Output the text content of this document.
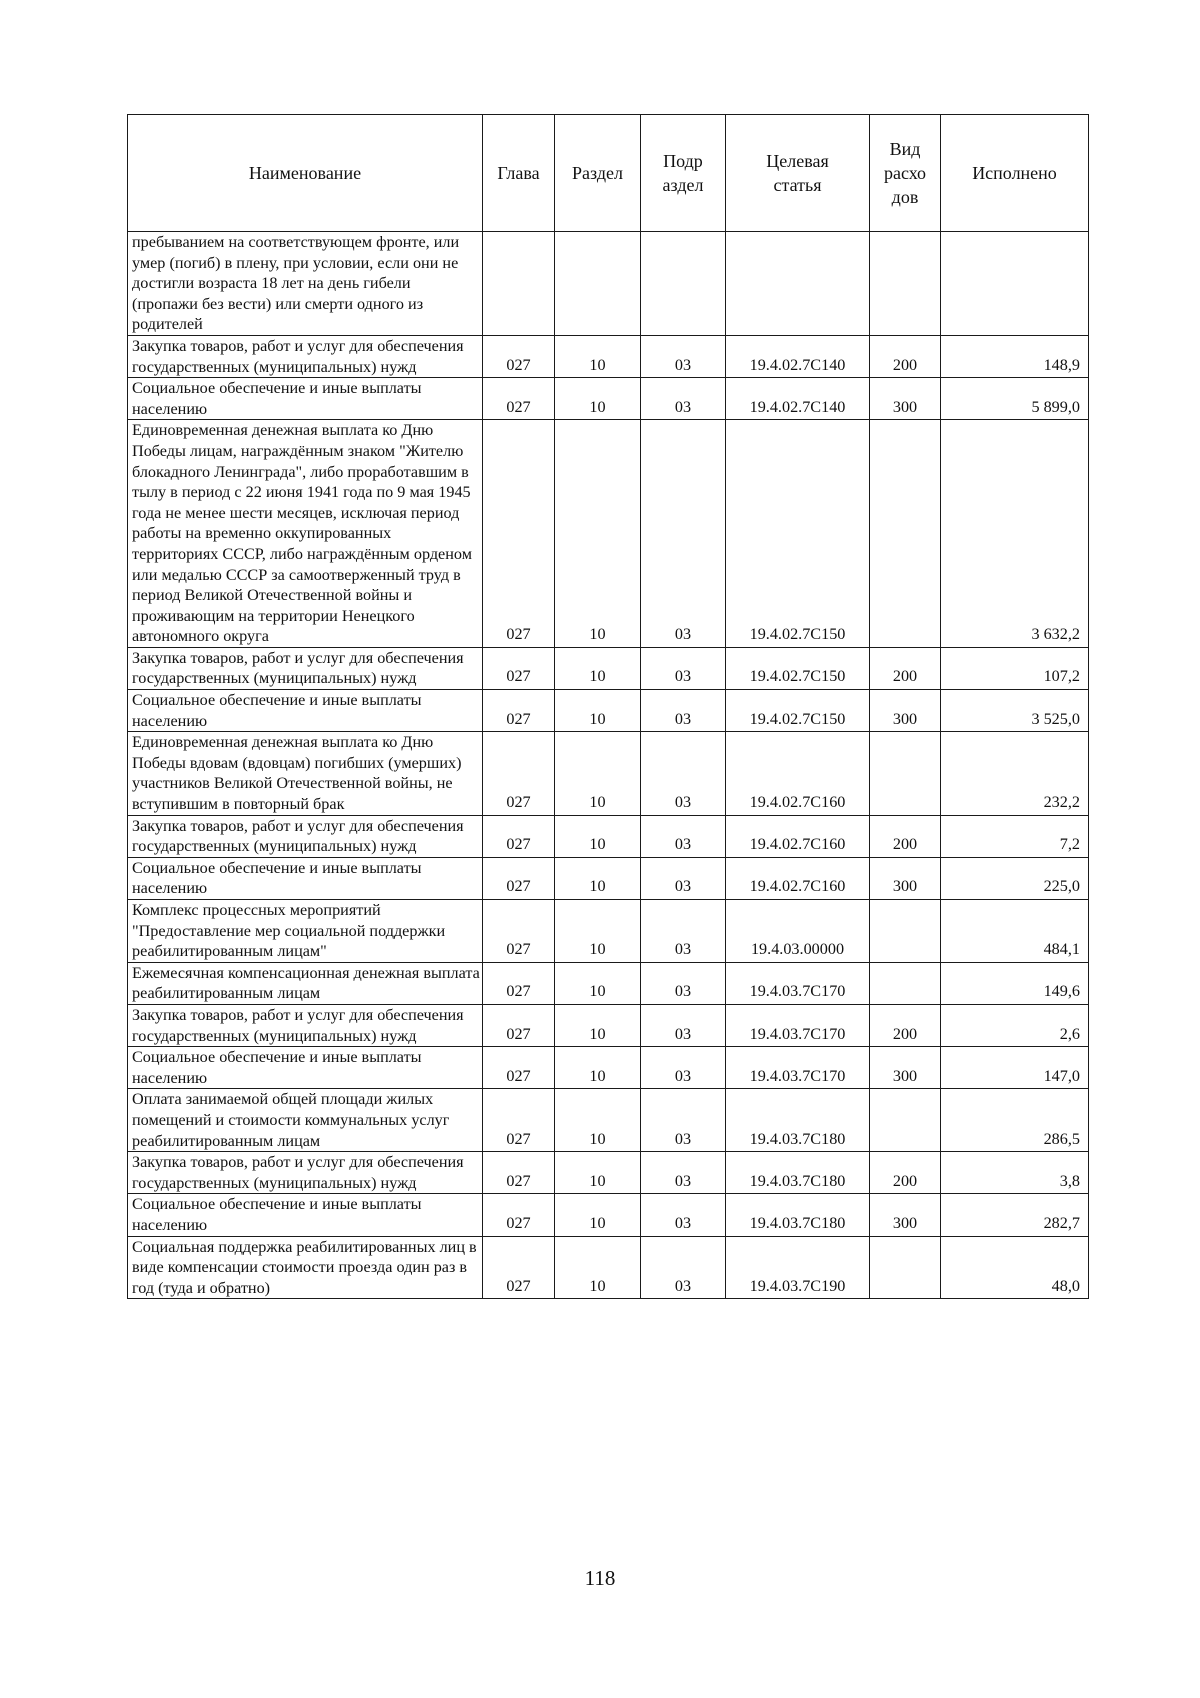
Наименование	Глава	Раздел	Подр аздел	Целевая статья	Вид расхо дов	Исполнено
пребыванием на соответствующем фронте, или умер (погиб) в плену, при условии, если они не достигли возраста 18 лет на день гибели (пропажи без вести) или смерти одного из родителей						
Закупка товаров, работ и услуг для обеспечения государственных (муниципальных) нужд	027	10	03	19.4.02.7С140	200	148,9
Социальное обеспечение и иные выплаты населению	027	10	03	19.4.02.7С140	300	5 899,0
Единовременная денежная выплата ко Дню Победы лицам, награждённым знаком "Жителю блокадного Ленинграда", либо проработавшим в тылу в период с 22 июня 1941 года по 9 мая 1945 года не менее шести месяцев, исключая период работы на временно оккупированных территориях СССР, либо награждённым орденом или медалью СССР за самоотверженный труд в период Великой Отечественной войны и проживающим на территории Ненецкого автономного округа	027	10	03	19.4.02.7С150		3 632,2
Закупка товаров, работ и услуг для обеспечения государственных (муниципальных) нужд	027	10	03	19.4.02.7С150	200	107,2
Социальное обеспечение и иные выплаты населению	027	10	03	19.4.02.7С150	300	3 525,0
Единовременная денежная выплата ко Дню Победы вдовам (вдовцам) погибших (умерших) участников Великой Отечественной войны, не вступившим в повторный брак	027	10	03	19.4.02.7С160		232,2
Закупка товаров, работ и услуг для обеспечения государственных (муниципальных) нужд	027	10	03	19.4.02.7С160	200	7,2
Социальное обеспечение и иные выплаты населению	027	10	03	19.4.02.7С160	300	225,0
Комплекс процессных мероприятий "Предоставление мер социальной поддержки реабилитированным лицам"	027	10	03	19.4.03.00000		484,1
Ежемесячная компенсационная денежная выплата реабилитированным лицам	027	10	03	19.4.03.7С170		149,6
Закупка товаров, работ и услуг для обеспечения государственных (муниципальных) нужд	027	10	03	19.4.03.7С170	200	2,6
Социальное обеспечение и иные выплаты населению	027	10	03	19.4.03.7С170	300	147,0
Оплата занимаемой общей площади жилых помещений и стоимости коммунальных услуг реабилитированным лицам	027	10	03	19.4.03.7С180		286,5
Закупка товаров, работ и услуг для обеспечения государственных (муниципальных) нужд	027	10	03	19.4.03.7С180	200	3,8
Социальное обеспечение и иные выплаты населению	027	10	03	19.4.03.7С180	300	282,7
Социальная поддержка реабилитированных лиц в виде компенсации стоимости проезда один раз в год (туда и обратно)	027	10	03	19.4.03.7С190		48,0
118
